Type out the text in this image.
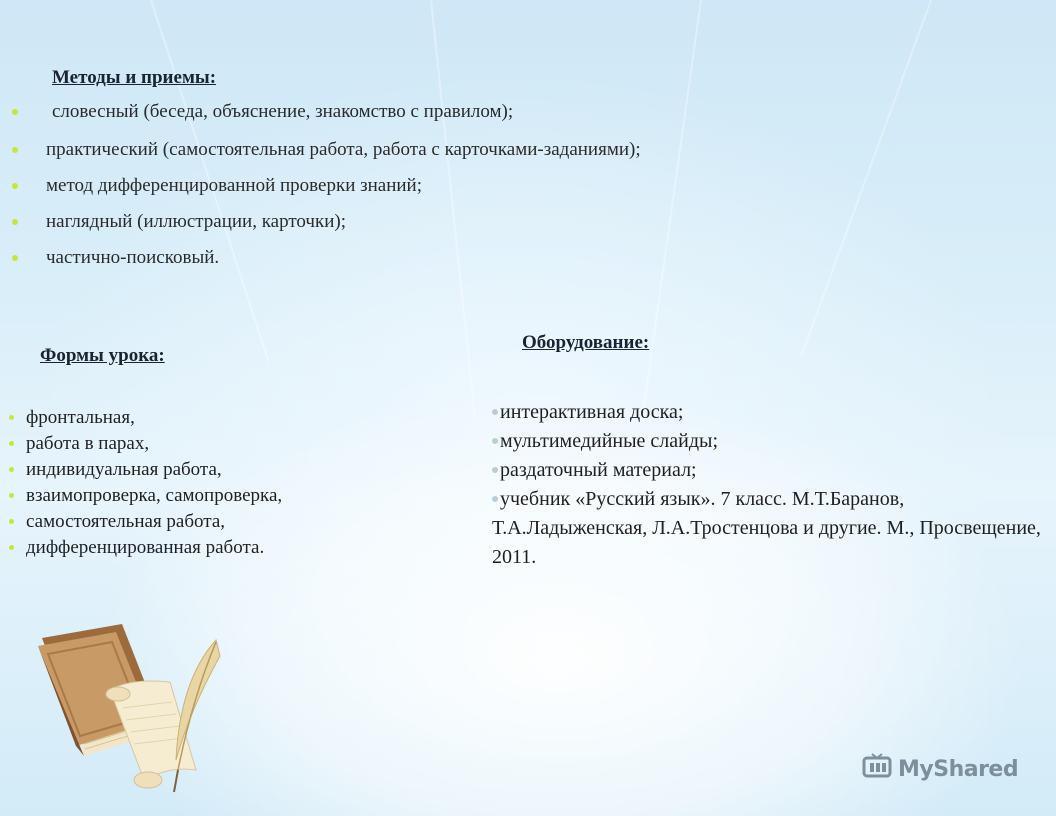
Методы и приемы:
словесный (беседа, объяснение, знакомство с правилом);
практический (самостоятельная работа, работа с карточками-заданиями);
метод дифференцированной проверки знаний;
наглядный (иллюстрации, карточки);
частично-поисковый.
Формы урока:
фронтальная,
работа в парах,
индивидуальная работа,
взаимопроверка, самопроверка,
самостоятельная работа,
дифференцированная работа.
Оборудование:
интерактивная доска;
мультимедийные слайды;
раздаточный материал;
учебник «Русский язык». 7 класс. М.Т.Баранов, Т.А.Ладыженская, Л.А.Тростенцова и другие. М., Просвещение, 2011.
MyShared
